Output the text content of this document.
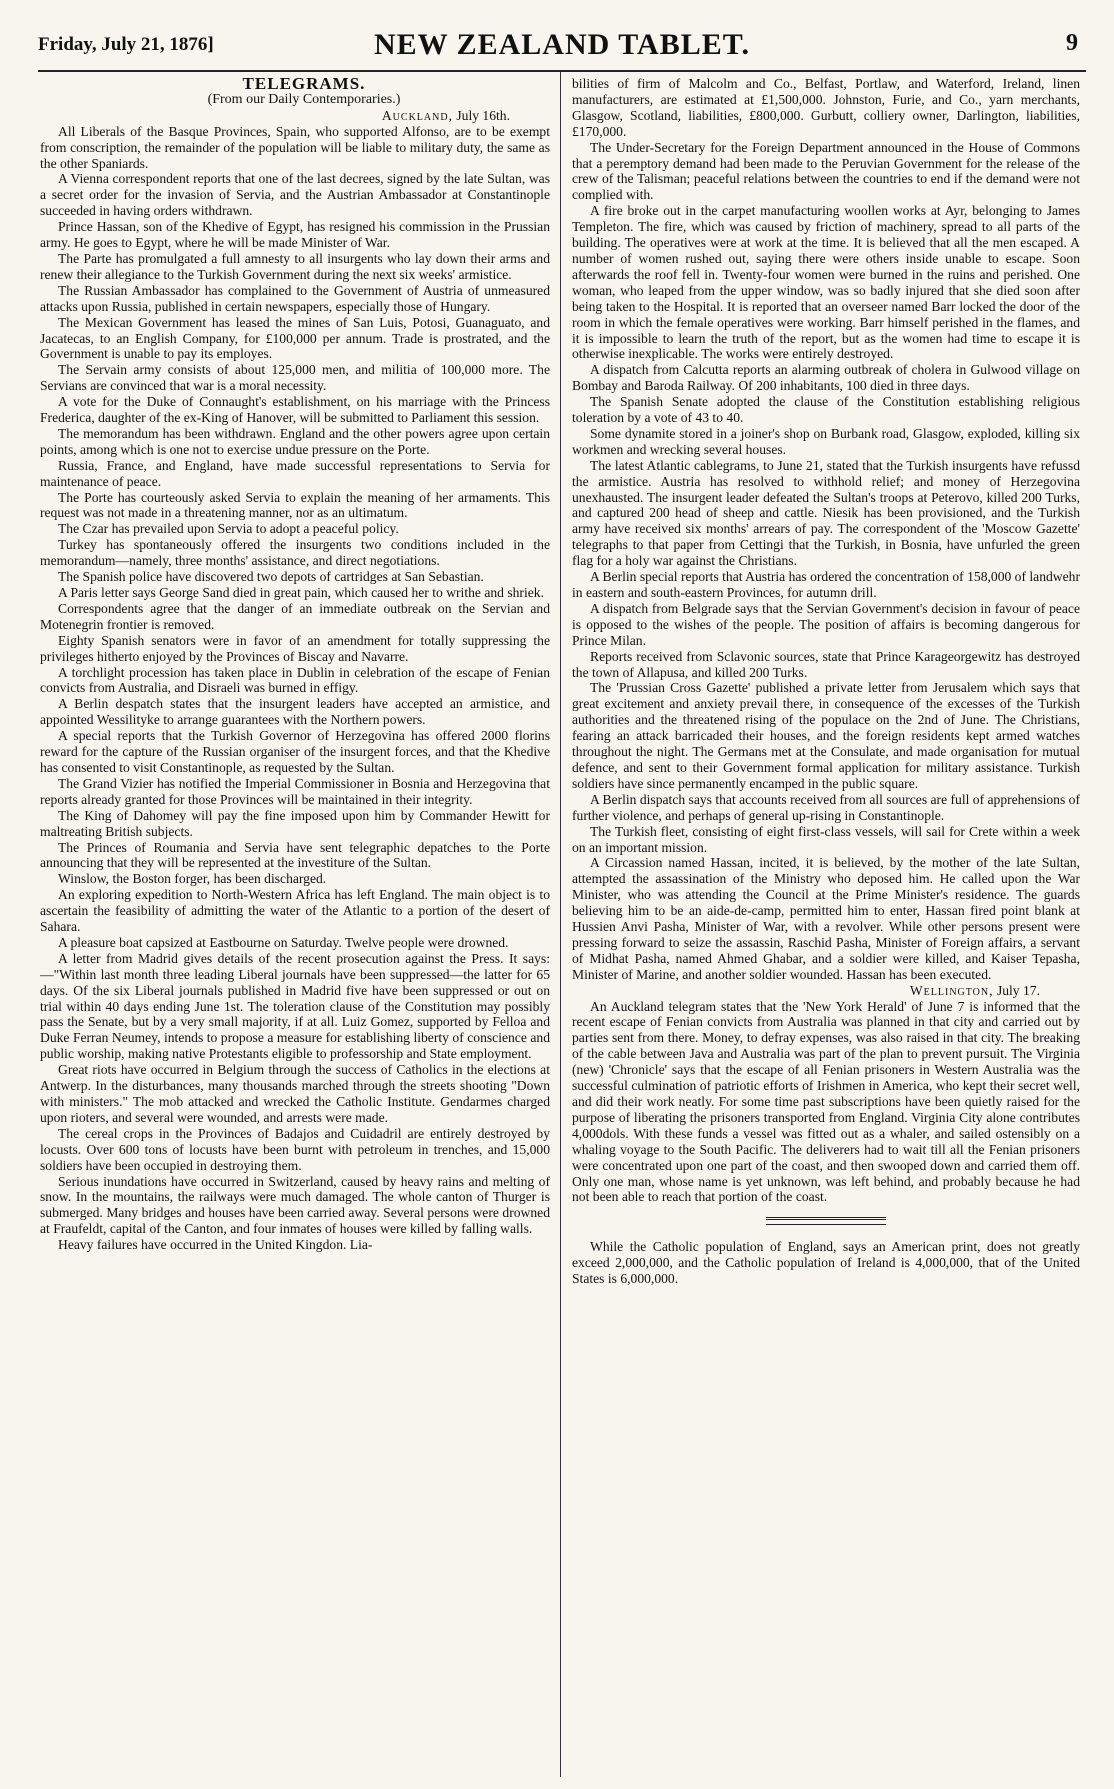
Friday, July 21, 1876]	NEW ZEALAND TABLET.	9

TELEGRAMS.

(From our Daily Contemporaries.)

Auckland, July 16th.

All Liberals of the Basque Provinces, Spain, who supported Alfonso, are to be exempt from conscription, the remainder of the population will be liable to military duty, the same as the other Spaniards.

A Vienna correspondent reports that one of the last decrees, signed by the late Sultan, was a secret order for the invasion of Servia, and the Austrian Ambassador at Constantinople succeeded in having orders withdrawn.

Prince Hassan, son of the Khedive of Egypt, has resigned his commission in the Prussian army. He goes to Egypt, where he will be made Minister of War.

The Parte has promulgated a full amnesty to all insurgents who lay down their arms and renew their allegiance to the Turkish Government during the next six weeks' armistice.

The Russian Ambassador has complained to the Government of Austria of unmeasured attacks upon Russia, published in certain newspapers, especially those of Hungary.

The Mexican Government has leased the mines of San Luis, Potosi, Guanaguato, and Jacatecas, to an English Company, for £100,000 per annum. Trade is prostrated, and the Government is unable to pay its employes.

The Servain army consists of about 125,000 men, and militia of 100,000 more. The Servians are convinced that war is a moral necessity.

A vote for the Duke of Connaught's establishment, on his marriage with the Princess Frederica, daughter of the ex-King of Hanover, will be submitted to Parliament this session.

The memorandum has been withdrawn. England and the other powers agree upon certain points, among which is one not to exercise undue pressure on the Porte.

Russia, France, and England, have made successful representations to Servia for maintenance of peace.

The Porte has courteously asked Servia to explain the meaning of her armaments. This request was not made in a threatening manner, nor as an ultimatum.

The Czar has prevailed upon Servia to adopt a peaceful policy.

Turkey has spontaneously offered the insurgents two conditions included in the memorandum—namely, three months' assistance, and direct negotiations.

The Spanish police have discovered two depots of cartridges at San Sebastian.

A Paris letter says George Sand died in great pain, which caused her to writhe and shriek.

Correspondents agree that the danger of an immediate outbreak on the Servian and Motenegrin frontier is removed.

Eighty Spanish senators were in favor of an amendment for totally suppressing the privileges hitherto enjoyed by the Provinces of Biscay and Navarre.

A torchlight procession has taken place in Dublin in celebration of the escape of Fenian convicts from Australia, and Disraeli was burned in effigy.

A Berlin despatch states that the insurgent leaders have accepted an armistice, and appointed Wessilityke to arrange guarantees with the Northern powers.

A special reports that the Turkish Governor of Herzegovina has offered 2000 florins reward for the capture of the Russian organiser of the insurgent forces, and that the Khedive has consented to visit Constantinople, as requested by the Sultan.

The Grand Vizier has notified the Imperial Commissioner in Bosnia and Herzegovina that reports already granted for those Provinces will be maintained in their integrity.

The King of Dahomey will pay the fine imposed upon him by Commander Hewitt for maltreating British subjects.

The Princes of Roumania and Servia have sent telegraphic depatches to the Porte announcing that they will be represented at the investiture of the Sultan.

Winslow, the Boston forger, has been discharged.

An exploring expedition to North-Western Africa has left England. The main object is to ascertain the feasibility of admitting the water of the Atlantic to a portion of the desert of Sahara.

A pleasure boat capsized at Eastbourne on Saturday. Twelve people were drowned.

A letter from Madrid gives details of the recent prosecution against the Press. It says:—"Within last month three leading Liberal journals have been suppressed—the latter for 65 days. Of the six Liberal journals published in Madrid five have been suppressed or out on trial within 40 days ending June 1st. The toleration clause of the Constitution may possibly pass the Senate, but by a very small majority, if at all. Luiz Gomez, supported by Felloa and Duke Ferran Neumey, intends to propose a measure for establishing liberty of conscience and public worship, making native Protestants eligible to professorship and State employment.

Great riots have occurred in Belgium through the success of Catholics in the elections at Antwerp. In the disturbances, many thousands marched through the streets shooting "Down with ministers." The mob attacked and wrecked the Catholic Institute. Gendarmes charged upon rioters, and several were wounded, and arrests were made.

The cereal crops in the Provinces of Badajos and Cuidadril are entirely destroyed by locusts. Over 600 tons of locusts have been burnt with petroleum in trenches, and 15,000 soldiers have been occupied in destroying them.

Serious inundations have occurred in Switzerland, caused by heavy rains and melting of snow. In the mountains, the railways were much damaged. The whole canton of Thurger is submerged. Many bridges and houses have been carried away. Several persons were drowned at Fraufeldt, capital of the Canton, and four inmates of houses were killed by falling walls.

Heavy failures have occurred in the United Kingdon. Lia-

bilities of firm of Malcolm and Co., Belfast, Portlaw, and Waterford, Ireland, linen manufacturers, are estimated at £1,500,000. Johnston, Furie, and Co., yarn merchants, Glasgow, Scotland, liabilities, £800,000. Gurbutt, colliery owner, Darlington, liabilities, £170,000.

The Under-Secretary for the Foreign Department announced in the House of Commons that a peremptory demand had been made to the Peruvian Government for the release of the crew of the Talisman; peaceful relations between the countries to end if the demand were not complied with.

A fire broke out in the carpet manufacturing woollen works at Ayr, belonging to James Templeton. The fire, which was caused by friction of machinery, spread to all parts of the building. The operatives were at work at the time. It is believed that all the men escaped. A number of women rushed out, saying there were others inside unable to escape. Soon afterwards the roof fell in. Twenty-four women were burned in the ruins and perished. One woman, who leaped from the upper window, was so badly injured that she died soon after being taken to the Hospital. It is reported that an overseer named Barr locked the door of the room in which the female operatives were working. Barr himself perished in the flames, and it is impossible to learn the truth of the report, but as the women had time to escape it is otherwise inexplicable. The works were entirely destroyed.

A dispatch from Calcutta reports an alarming outbreak of cholera in Gulwood village on Bombay and Baroda Railway. Of 200 inhabitants, 100 died in three days.

The Spanish Senate adopted the clause of the Constitution establishing religious toleration by a vote of 43 to 40.

Some dynamite stored in a joiner's shop on Burbank road, Glasgow, exploded, killing six workmen and wrecking several houses.

The latest Atlantic cablegrams, to June 21, stated that the Turkish insurgents have refussd the armistice. Austria has resolved to withhold relief; and money of Herzegovina unexhausted. The insurgent leader defeated the Sultan's troops at Peterovo, killed 200 Turks, and captured 200 head of sheep and cattle. Niesik has been provisioned, and the Turkish army have received six months' arrears of pay. The correspondent of the 'Moscow Gazette' telegraphs to that paper from Cettingi that the Turkish, in Bosnia, have unfurled the green flag for a holy war against the Christians.

A Berlin special reports that Austria has ordered the concentration of 158,000 of landwehr in eastern and south-eastern Provinces, for autumn drill.

A dispatch from Belgrade says that the Servian Government's decision in favour of peace is opposed to the wishes of the people. The position of affairs is becoming dangerous for Prince Milan.

Reports received from Sclavonic sources, state that Prince Karageorgewitz has destroyed the town of Allapusa, and killed 200 Turks.

The 'Prussian Cross Gazette' published a private letter from Jerusalem which says that great excitement and anxiety prevail there, in consequence of the excesses of the Turkish authorities and the threatened rising of the populace on the 2nd of June. The Christians, fearing an attack barricaded their houses, and the foreign residents kept armed watches throughout the night. The Germans met at the Consulate, and made organisation for mutual defence, and sent to their Government formal application for military assistance. Turkish soldiers have since permanently encamped in the public square.

A Berlin dispatch says that accounts received from all sources are full of apprehensions of further violence, and perhaps of general up-rising in Constantinople.

The Turkish fleet, consisting of eight first-class vessels, will sail for Crete within a week on an important mission.

A Circassion named Hassan, incited, it is believed, by the mother of the late Sultan, attempted the assassination of the Ministry who deposed him. He called upon the War Minister, who was attending the Council at the Prime Minister's residence. The guards believing him to be an aide-de-camp, permitted him to enter, Hassan fired point blank at Hussien Anvi Pasha, Minister of War, with a revolver. While other persons present were pressing forward to seize the assassin, Raschid Pasha, Minister of Foreign affairs, a servant of Midhat Pasha, named Ahmed Ghabar, and a soldier were killed, and Kaiser Tepasha, Minister of Marine, and another soldier wounded. Hassan has been executed.

Wellington, July 17.

An Auckland telegram states that the 'New York Herald' of June 7 is informed that the recent escape of Fenian convicts from Australia was planned in that city and carried out by parties sent from there. Money, to defray expenses, was also raised in that city. The breaking of the cable between Java and Australia was part of the plan to prevent pursuit. The Virginia (new) 'Chronicle' says that the escape of all Fenian prisoners in Western Australia was the successful culmination of patriotic efforts of Irishmen in America, who kept their secret well, and did their work neatly. For some time past subscriptions have been quietly raised for the purpose of liberating the prisoners transported from England. Virginia City alone contributes 4,000dols. With these funds a vessel was fitted out as a whaler, and sailed ostensibly on a whaling voyage to the South Pacific. The deliverers had to wait till all the Fenian prisoners were concentrated upon one part of the coast, and then swooped down and carried them off. Only one man, whose name is yet unknown, was left behind, and probably because he had not been able to reach that portion of the coast.

While the Catholic population of England, says an American print, does not greatly exceed 2,000,000, and the Catholic population of Ireland is 4,000,000, that of the United States is 6,000,000.
